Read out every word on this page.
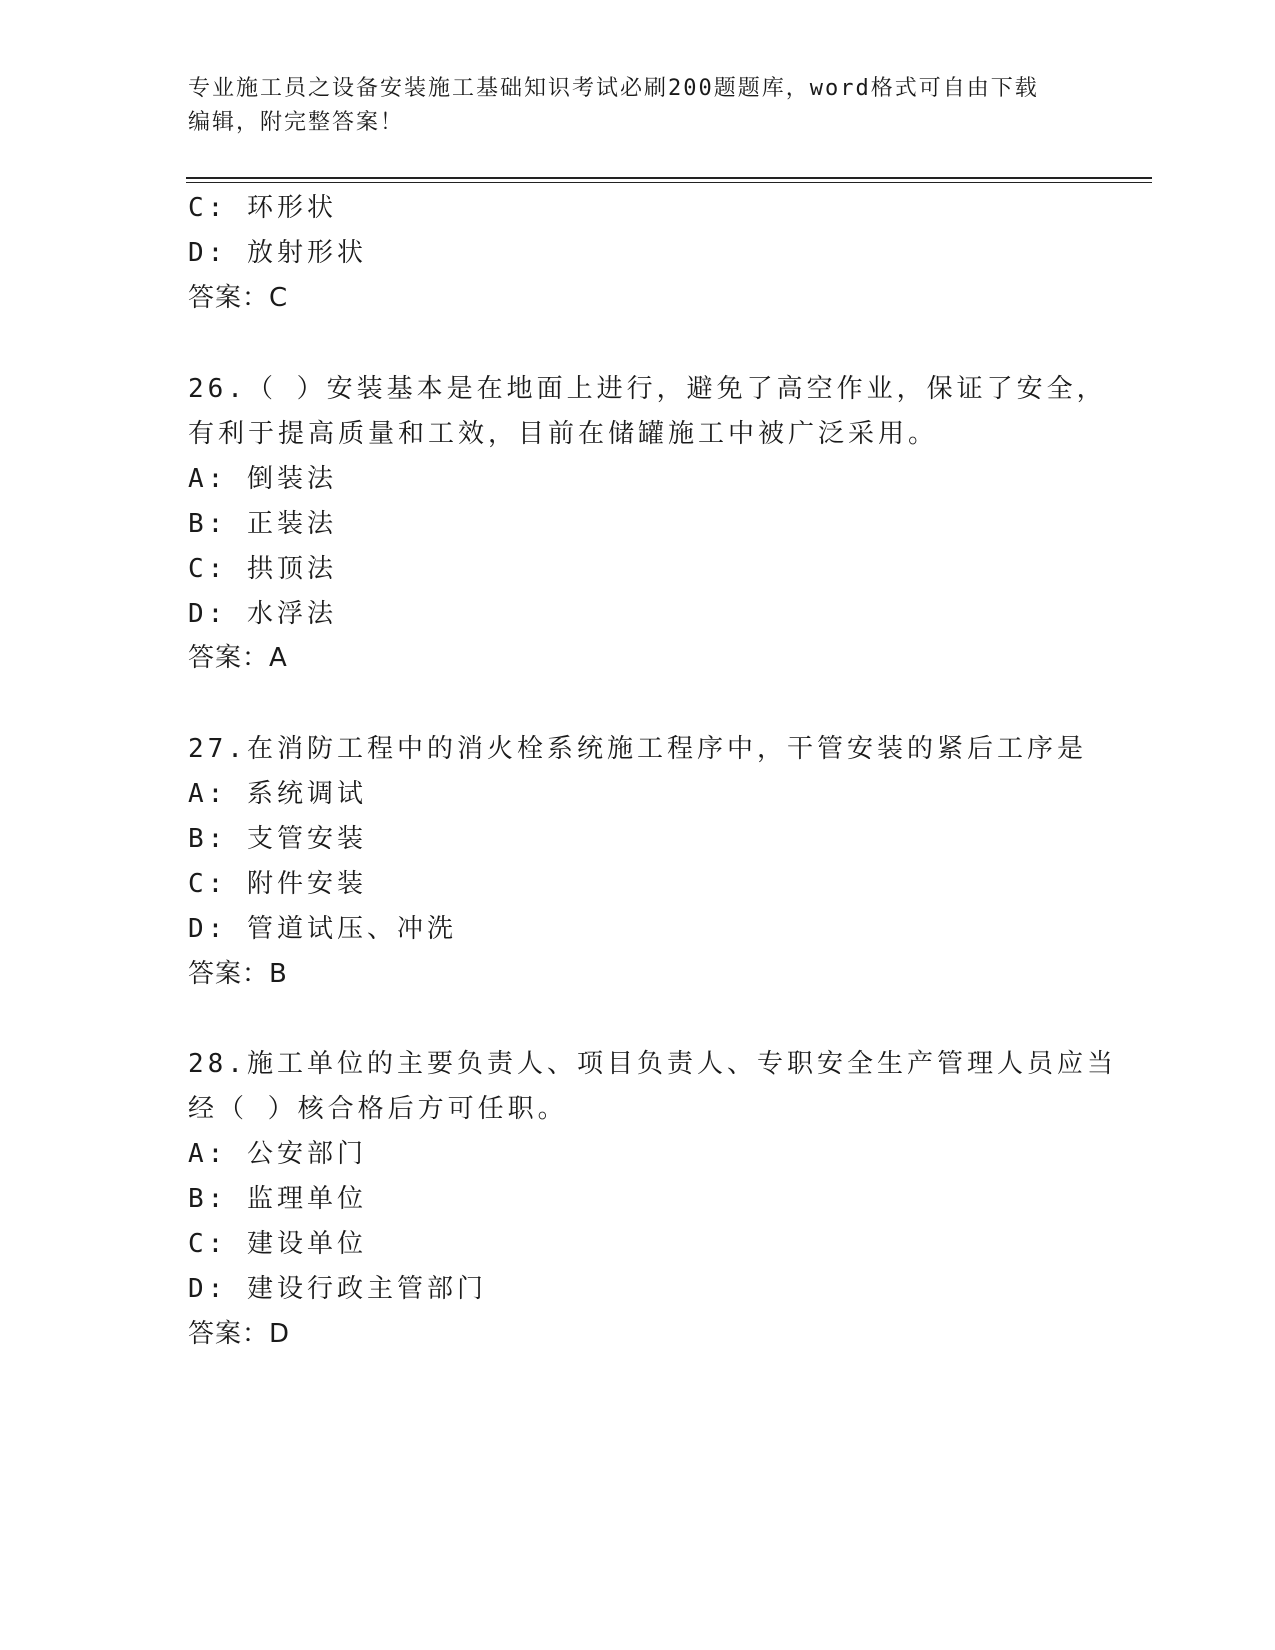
专业施工员之设备安装施工基础知识考试必刷200题题库，word格式可自由下载
编辑，附完整答案！
C: 环形状
D: 放射形状
答案：C
26.（ ）安装基本是在地面上进行，避免了高空作业，保证了安全，
有利于提高质量和工效，目前在储罐施工中被广泛采用。
A: 倒装法
B: 正装法
C: 拱顶法
D: 水浮法
答案：A
27.在消防工程中的消火栓系统施工程序中，干管安装的紧后工序是
A: 系统调试
B: 支管安装
C: 附件安装
D: 管道试压、冲洗
答案：B
28.施工单位的主要负责人、项目负责人、专职安全生产管理人员应当
经（ ）核合格后方可任职。
A: 公安部门
B: 监理单位
C: 建设单位
D: 建设行政主管部门
答案：D
